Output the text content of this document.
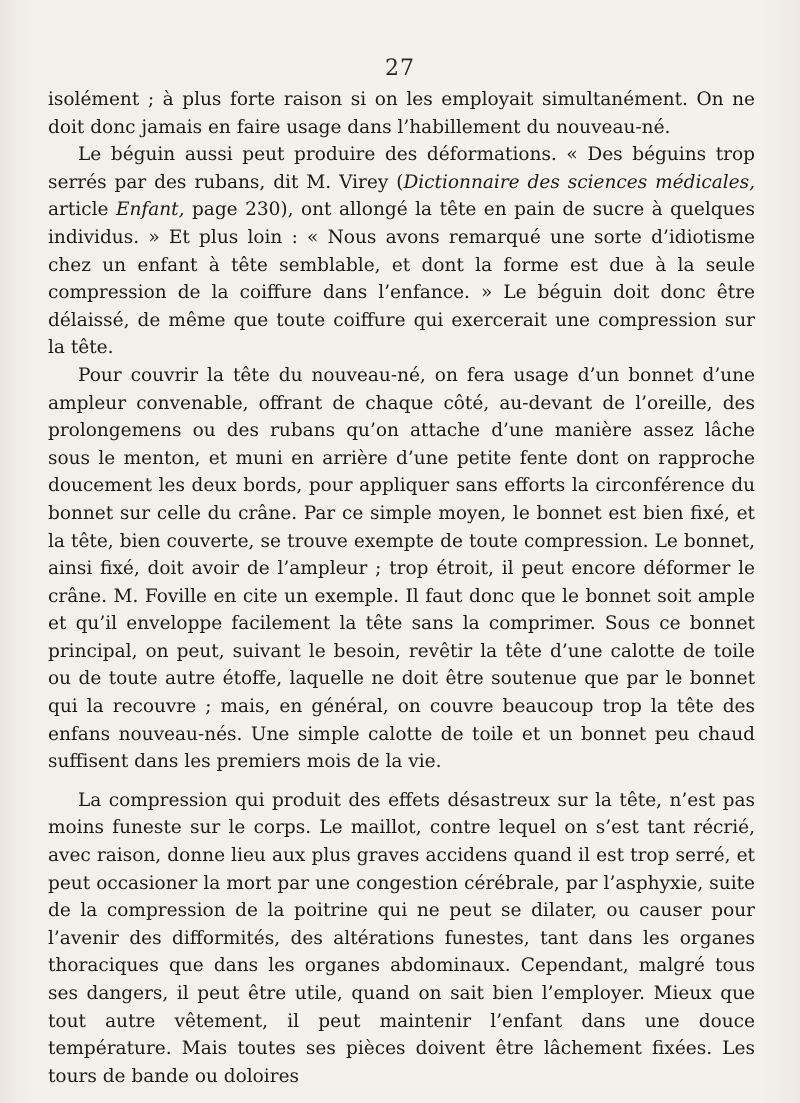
27

isolément ; à plus forte raison si on les employait simultanément. On ne doit donc jamais en faire usage dans l’habillement du nouveau-né.

Le béguin aussi peut produire des déformations. « Des béguins trop serrés par des rubans, dit M. Virey (Dictionnaire des sciences médicales, article Enfant, page 230), ont allongé la tête en pain de sucre à quelques individus. » Et plus loin : « Nous avons remarqué une sorte d’idiotisme chez un enfant à tête semblable, et dont la forme est due à la seule compression de la coiffure dans l’enfance. » Le béguin doit donc être délaissé, de même que toute coiffure qui exercerait une compression sur la tête.

Pour couvrir la tête du nouveau-né, on fera usage d’un bonnet d’une ampleur convenable, offrant de chaque côté, au-devant de l’oreille, des prolongemens ou des rubans qu’on attache d’une manière assez lâche sous le menton, et muni en arrière d’une petite fente dont on rapproche doucement les deux bords, pour appliquer sans efforts la circonférence du bonnet sur celle du crâne. Par ce simple moyen, le bonnet est bien fixé, et la tête, bien couverte, se trouve exempte de toute compression. Le bonnet, ainsi fixé, doit avoir de l’ampleur ; trop étroit, il peut encore déformer le crâne. M. Foville en cite un exemple. Il faut donc que le bonnet soit ample et qu’il enveloppe facilement la tête sans la comprimer. Sous ce bonnet principal, on peut, suivant le besoin, revêtir la tête d’une calotte de toile ou de toute autre étoffe, laquelle ne doit être soutenue que par le bonnet qui la recouvre ; mais, en général, on couvre beaucoup trop la tête des enfans nouveau-nés. Une simple calotte de toile et un bonnet peu chaud suffisent dans les premiers mois de la vie.

La compression qui produit des effets désastreux sur la tête, n’est pas moins funeste sur le corps. Le maillot, contre lequel on s’est tant récrié, avec raison, donne lieu aux plus graves accidens quand il est trop serré, et peut occasioner la mort par une congestion cérébrale, par l’asphyxie, suite de la compression de la poitrine qui ne peut se dilater, ou causer pour l’avenir des difformités, des altérations funestes, tant dans les organes thoraciques que dans les organes abdominaux. Cependant, malgré tous ses dangers, il peut être utile, quand on sait bien l’employer. Mieux que tout autre vêtement, il peut maintenir l’enfant dans une douce température. Mais toutes ses pièces doivent être lâchement fixées. Les tours de bande ou doloires
